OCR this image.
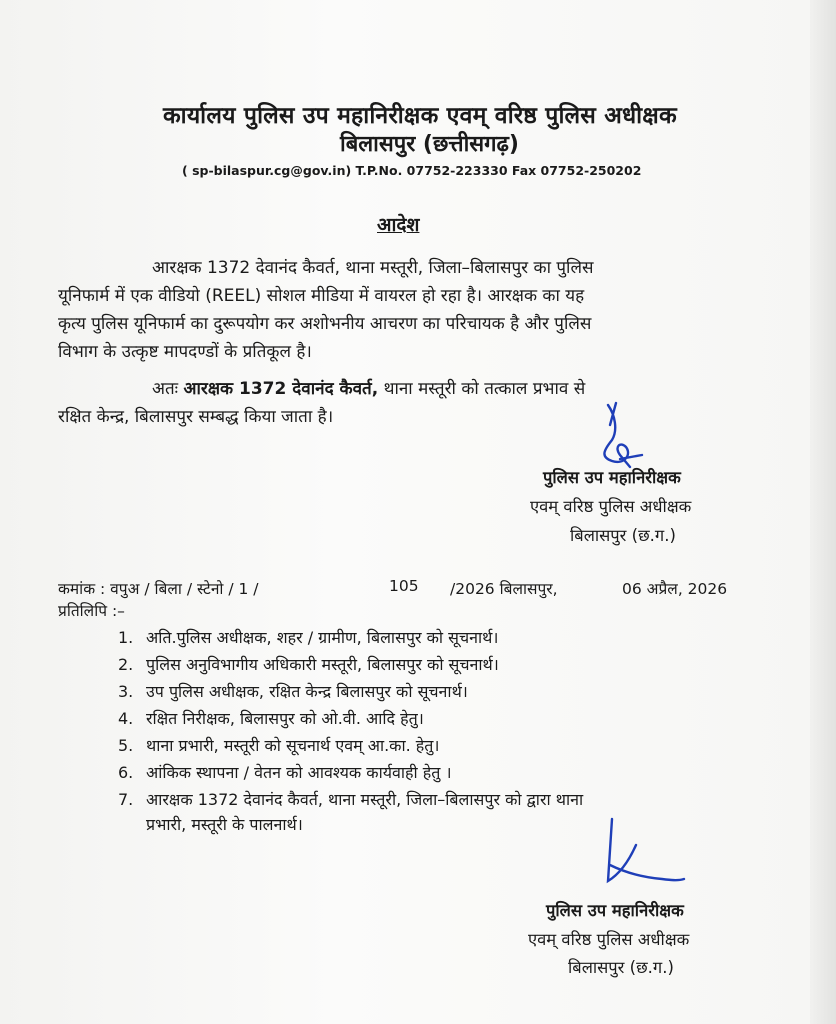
कार्यालय पुलिस उप महानिरीक्षक एवम् वरिष्ठ पुलिस अधीक्षक
बिलासपुर (छत्तीसगढ़)
( sp-bilaspur.cg@gov.in) T.P.No. 07752-223330 Fax 07752-250202
आदेश
आरक्षक 1372 देवानंद कैवर्त, थाना मस्तूरी, जिला–बिलासपुर का पुलिस
यूनिफार्म में एक वीडियो (REEL) सोशल मीडिया में वायरल हो रहा है। आरक्षक का यह
कृत्य पुलिस यूनिफार्म का दुरूपयोग कर अशोभनीय आचरण का परिचायक है और पुलिस
विभाग के उत्कृष्ट मापदण्डों के प्रतिकूल है।
अतः आरक्षक 1372 देवानंद कैवर्त, थाना मस्तूरी को तत्काल प्रभाव से
रक्षित केन्द्र, बिलासपुर सम्बद्ध किया जाता है।
पुलिस उप महानिरीक्षक
एवम् वरिष्ठ पुलिस अधीक्षक
बिलासपुर (छ.ग.)
कमांक : वपुअ / बिला / स्टेनो / 1 /	105 /2026 बिलासपुर,	06 अप्रैल, 2026
प्रतिलिपि :–
1. अति.पुलिस अधीक्षक, शहर / ग्रामीण, बिलासपुर को सूचनार्थ।
2. पुलिस अनुविभागीय अधिकारी मस्तूरी, बिलासपुर को सूचनार्थ।
3. उप पुलिस अधीक्षक, रक्षित केन्द्र बिलासपुर को सूचनार्थ।
4. रक्षित निरीक्षक, बिलासपुर को ओ.वी. आदि हेतु।
5. थाना प्रभारी, मस्तूरी को सूचनार्थ एवम् आ.का. हेतु।
6. आंकिक स्थापना / वेतन को आवश्यक कार्यवाही हेतु ।
7. आरक्षक 1372 देवानंद कैवर्त, थाना मस्तूरी, जिला–बिलासपुर को द्वारा थाना
प्रभारी, मस्तूरी के पालनार्थ।
पुलिस उप महानिरीक्षक
एवम् वरिष्ठ पुलिस अधीक्षक
बिलासपुर (छ.ग.)
